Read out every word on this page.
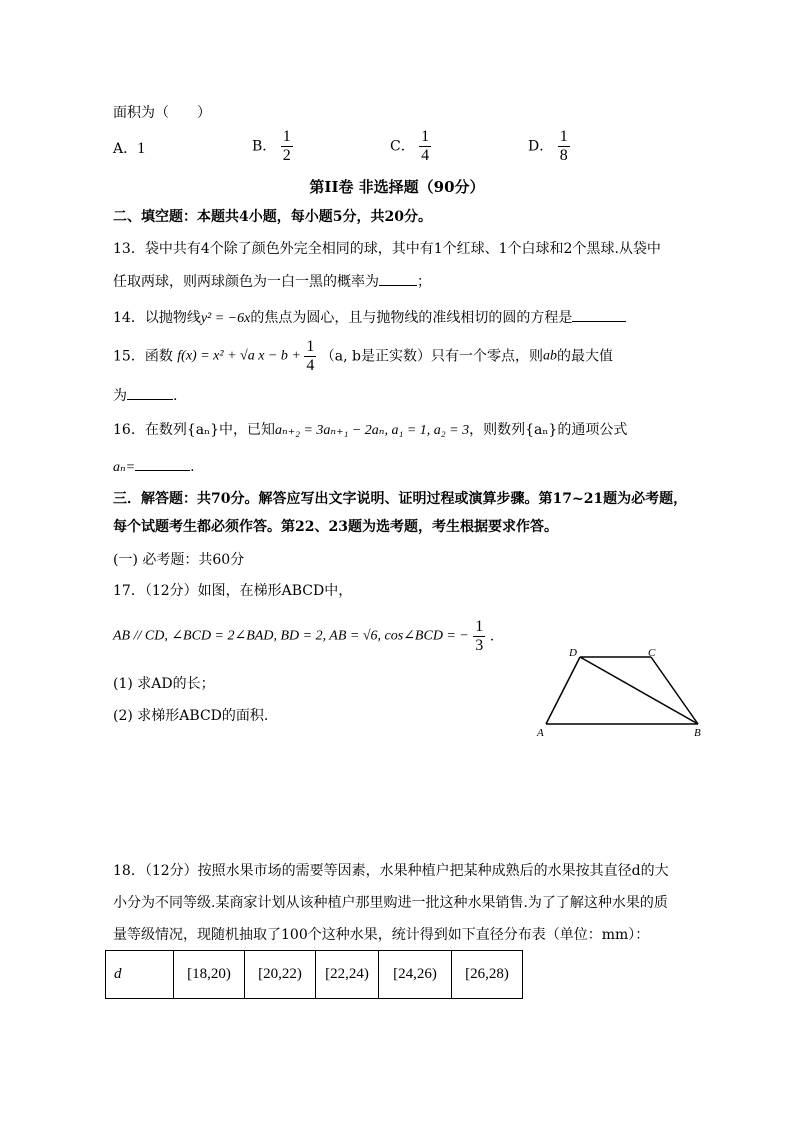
面积为（　　）
A．1	B． $\frac{1}{2}$	C． $\frac{1}{4}$	D． $\frac{1}{8}$
第II卷 非选择题（90分）
二、填空题：本题共4小题，每小题5分，共20分。
13．袋中共有4个除了颜色外完全相同的球，其中有1个红球、1个白球和2个黑球.从袋中
任取两球，则两球颜色为一白一黑的概率为	；
14．以抛物线y² = −6x的焦点为圆心，且与抛物线的准线相切的圆的方程是
15．函数 f(x) = x² + √a $x - b + \frac{1}{4} (a$, b是正实数）只有一个零点，则ab的最大值
为	.
16．在数列{aₙ}中，已知aₙ₊₂ = 3aₙ₊₁ − 2aₙ, a₁ = 1, a₂ = 3，则数列{aₙ}的通项公式
aₙ=	.
三．解答题：共70分。解答应写出文字说明、证明过程或演算步骤。第17~21题为必考题，
每个试题考生都必须作答。第22、23题为选考题，考生根据要求作答。
(一) 必考题：共60分
17．（12分）如图，在梯形ABCD中，
AB // CD, ∠BCD = 2∠BAD, BD = 2, AB = √6, cos∠BCD = − $\frac{1}{3}$ .
(1) 求AD的长；
(2) 求梯形ABCD的面积.
D	C
A	B
18．（12分）按照水果市场的需要等因素，水果种植户把某种成熟后的水果按其直径d的大
小分为不同等级.某商家计划从该种植户那里购进一批这种水果销售.为了了解这种水果的质
量等级情况，现随机抽取了100个这种水果，统计得到如下直径分布表（单位：mm）：
d	[18,20)	[20,22)	[22,24)	[24,26)	[26,28)
